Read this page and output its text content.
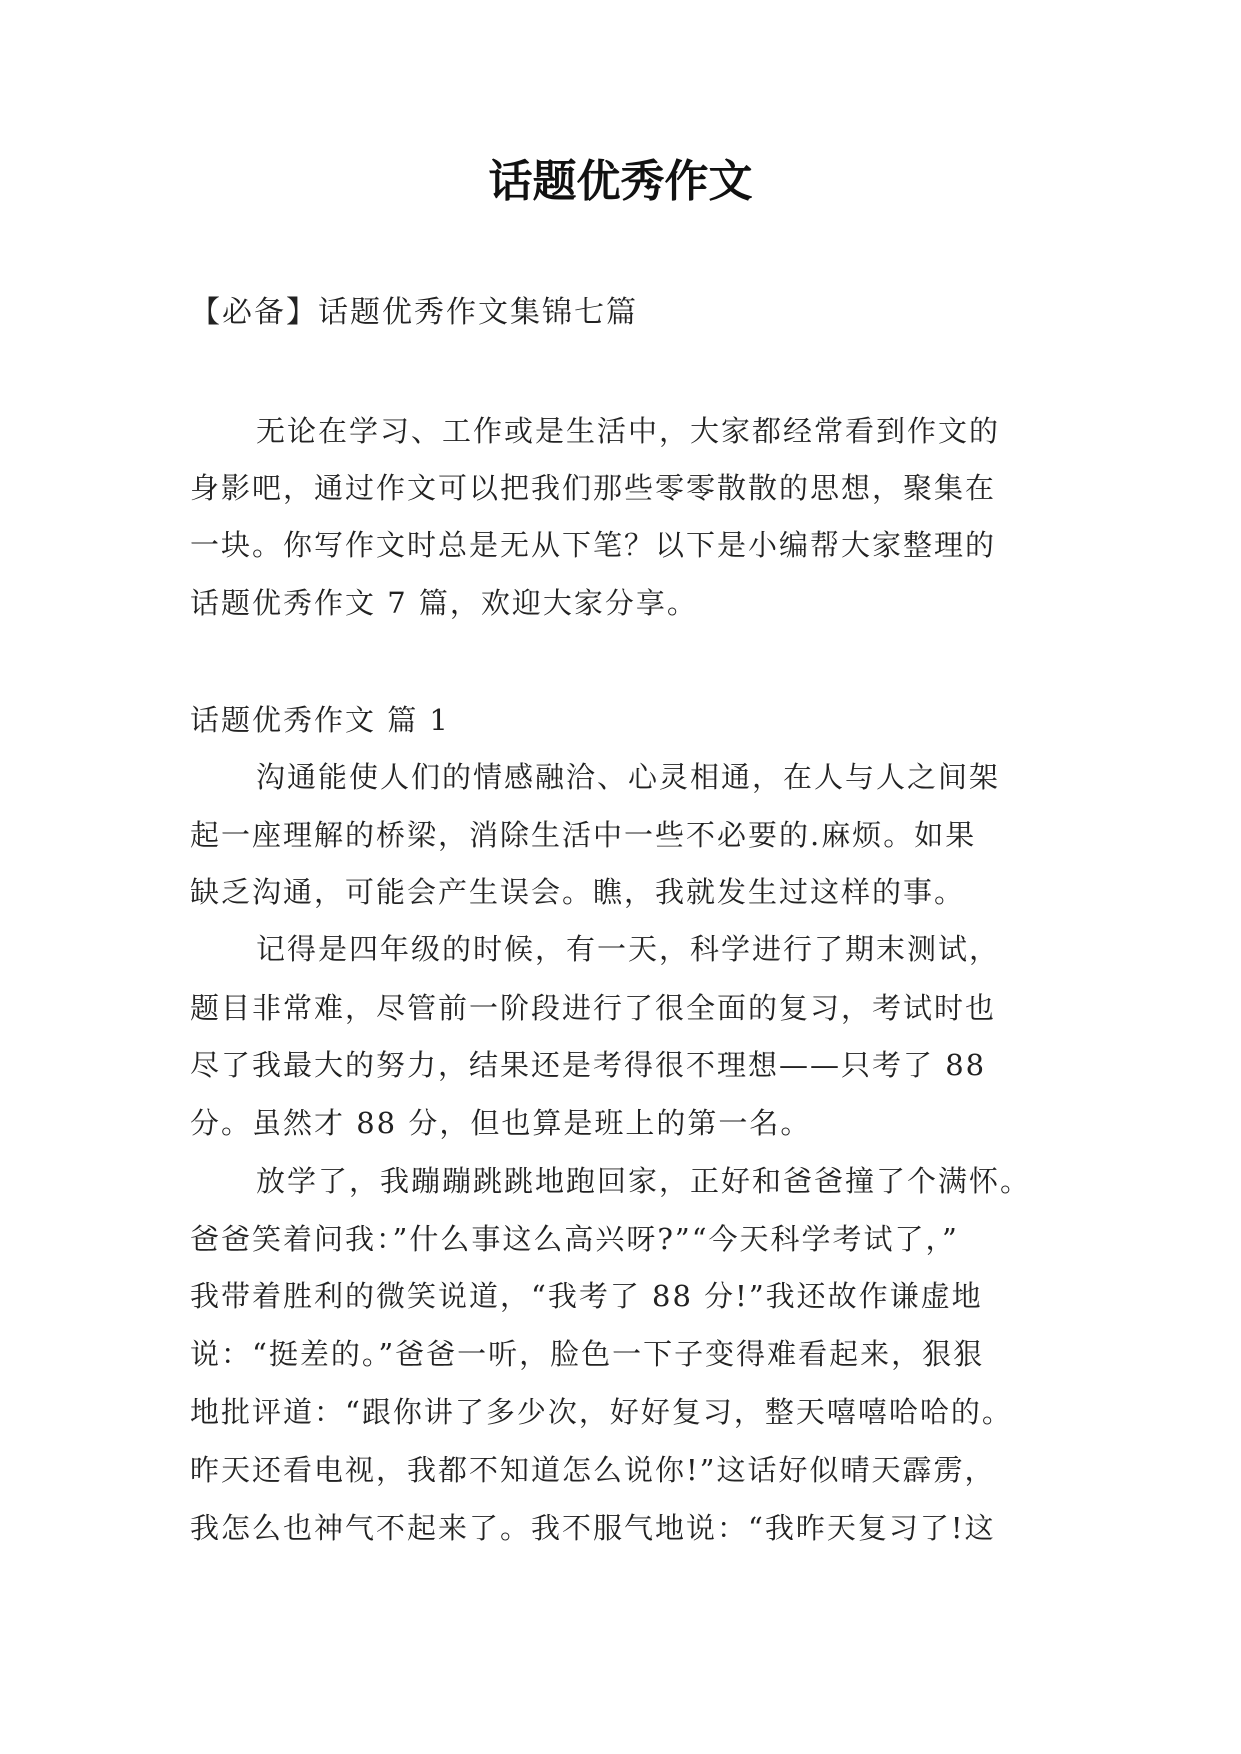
话题优秀作文
【必备】话题优秀作文集锦七篇
无论在学习、工作或是生活中，大家都经常看到作文的
身影吧，通过作文可以把我们那些零零散散的思想，聚集在
一块。你写作文时总是无从下笔？以下是小编帮大家整理的
话题优秀作文 7 篇，欢迎大家分享。
话题优秀作文 篇 1
沟通能使人们的情感融洽、心灵相通，在人与人之间架
起一座理解的桥梁，消除生活中一些不必要的.麻烦。如果
缺乏沟通，可能会产生误会。瞧，我就发生过这样的事。
记得是四年级的时候，有一天，科学进行了期末测试，
题目非常难，尽管前一阶段进行了很全面的复习，考试时也
尽了我最大的努力，结果还是考得很不理想——只考了 88
分。虽然才 88 分，但也算是班上的第一名。
放学了，我蹦蹦跳跳地跑回家，正好和爸爸撞了个满怀。
爸爸笑着问我：”什么事这么高兴呀?”“今天科学考试了，”
我带着胜利的微笑说道，“我考了 88 分!”我还故作谦虚地
说：“挺差的。”爸爸一听，脸色一下子变得难看起来，狠狠
地批评道：“跟你讲了多少次，好好复习，整天嘻嘻哈哈的。
昨天还看电视，我都不知道怎么说你!”这话好似晴天霹雳，
我怎么也神气不起来了。我不服气地说：“我昨天复习了!这
